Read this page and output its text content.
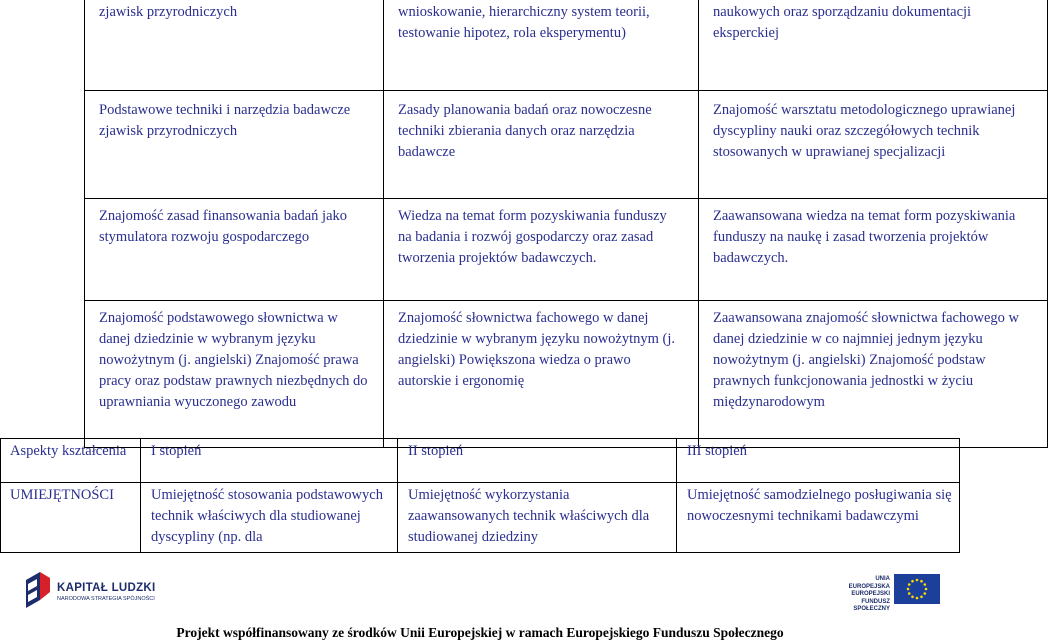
zjawisk przyrodniczych	wnioskowanie, hierarchiczny system teorii, testowanie hipotez, rola eksperymentu)	naukowych oraz sporządzaniu dokumentacji eksperckiej
Podstawowe techniki i narzędzia badawcze zjawisk przyrodniczych	Zasady planowania badań oraz nowoczesne techniki zbierania danych oraz narzędzia badawcze	Znajomość warsztatu metodologicznego uprawianej dyscypliny nauki oraz szczegółowych technik stosowanych w uprawianej specjalizacji
Znajomość zasad finansowania badań jako stymulatora rozwoju gospodarczego	Wiedza na temat form pozyskiwania funduszy na badania i rozwój gospodarczy oraz zasad tworzenia projektów badawczych.	Zaawansowana wiedza na temat form pozyskiwania funduszy na naukę i zasad tworzenia projektów badawczych.
Znajomość podstawowego słownictwa w danej dziedzinie w wybranym języku nowożytnym (j. angielski) Znajomość prawa pracy oraz podstaw prawnych niezbędnych do uprawniania wyuczonego zawodu	Znajomość słownictwa fachowego w danej dziedzinie w wybranym języku nowożytnym (j. angielski) Powiększona wiedza o prawo autorskie i ergonomię	Zaawansowana znajomość słownictwa fachowego w danej dziedzinie w co najmniej jednym języku nowożytnym (j. angielski) Znajomość podstaw prawnych funkcjonowania jednostki w życiu międzynarodowym
Aspekty kształcenia	I stopień	II stopień	III stopień
UMIEJĘTNOŚCI	Umiejętność stosowania podstawowych technik właściwych dla studiowanej dyscypliny (np. dla	Umiejętność wykorzystania zaawansowanych technik właściwych dla studiowanej dziedziny	Umiejętność samodzielnego posługiwania się nowoczesnymi technikami badawczymi
KAPITAŁ LUDZKI
NARODOWA STRATEGIA SPÓJNOŚCI
UNIA EUROPEJSKA
EUROPEJSKI
FUNDUSZ SPOŁECZNY
Projekt współfinansowany ze środków Unii Europejskiej w ramach Europejskiego Funduszu Społecznego
